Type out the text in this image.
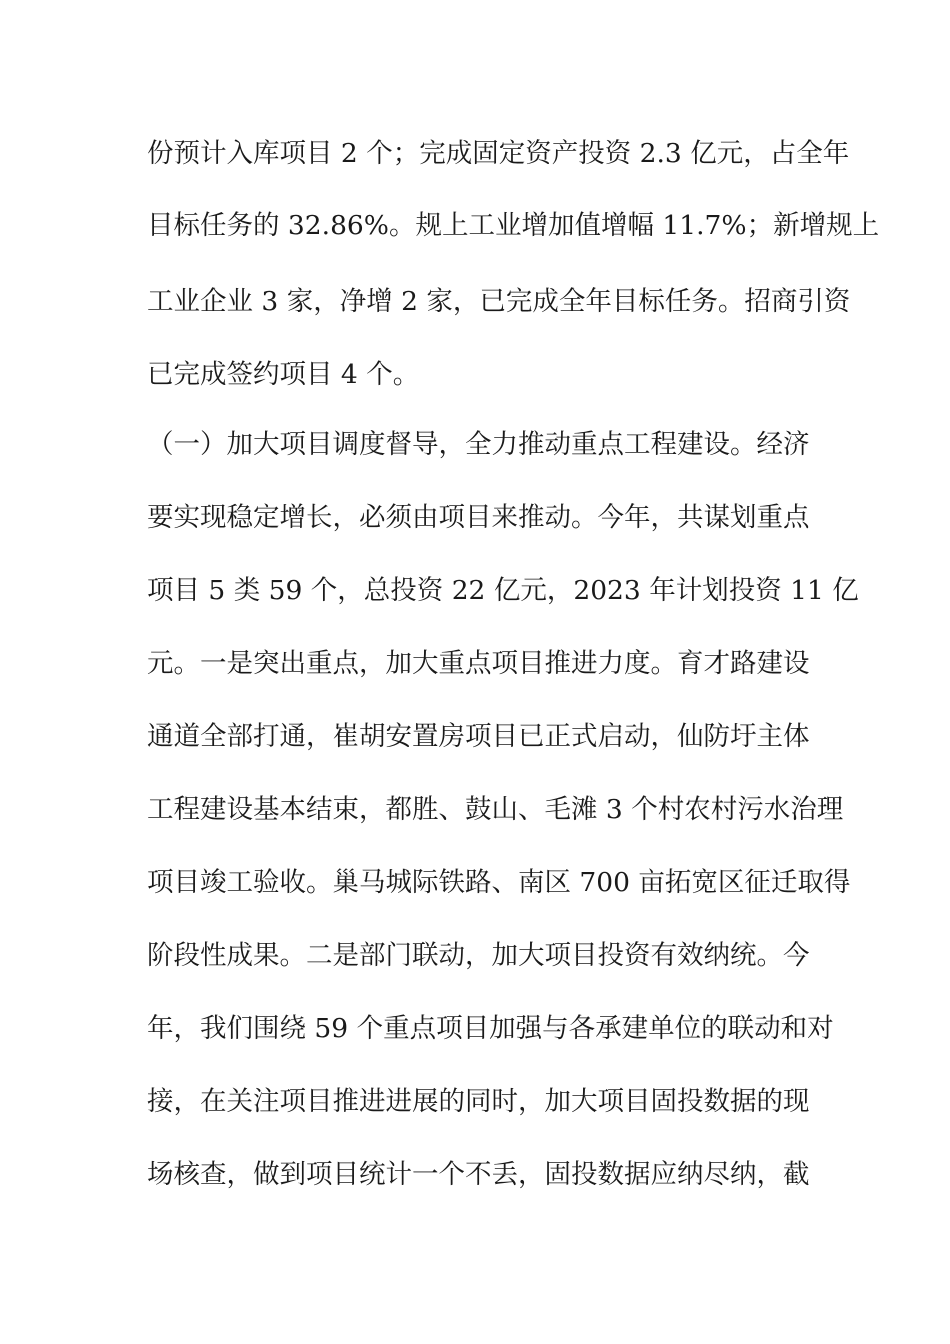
份预计入库项目 2 个；完成固定资产投资 2.3 亿元，占全年
目标任务的 32.86%。规上工业增加值增幅 11.7%；新增规上
工业企业 3 家，净增 2 家，已完成全年目标任务。招商引资
已完成签约项目 4 个。
（一）加大项目调度督导，全力推动重点工程建设。经济
要实现稳定增长，必须由项目来推动。今年，共谋划重点
项目 5 类 59 个，总投资 22 亿元，2023 年计划投资 11 亿
元。一是突出重点，加大重点项目推进力度。育才路建设
通道全部打通，崔胡安置房项目已正式启动，仙防圩主体
工程建设基本结束，都胜、鼓山、毛滩 3 个村农村污水治理
项目竣工验收。巢马城际铁路、南区 700 亩拓宽区征迁取得
阶段性成果。二是部门联动，加大项目投资有效纳统。今
年，我们围绕 59 个重点项目加强与各承建单位的联动和对
接，在关注项目推进进展的同时，加大项目固投数据的现
场核查，做到项目统计一个不丢，固投数据应纳尽纳，截
